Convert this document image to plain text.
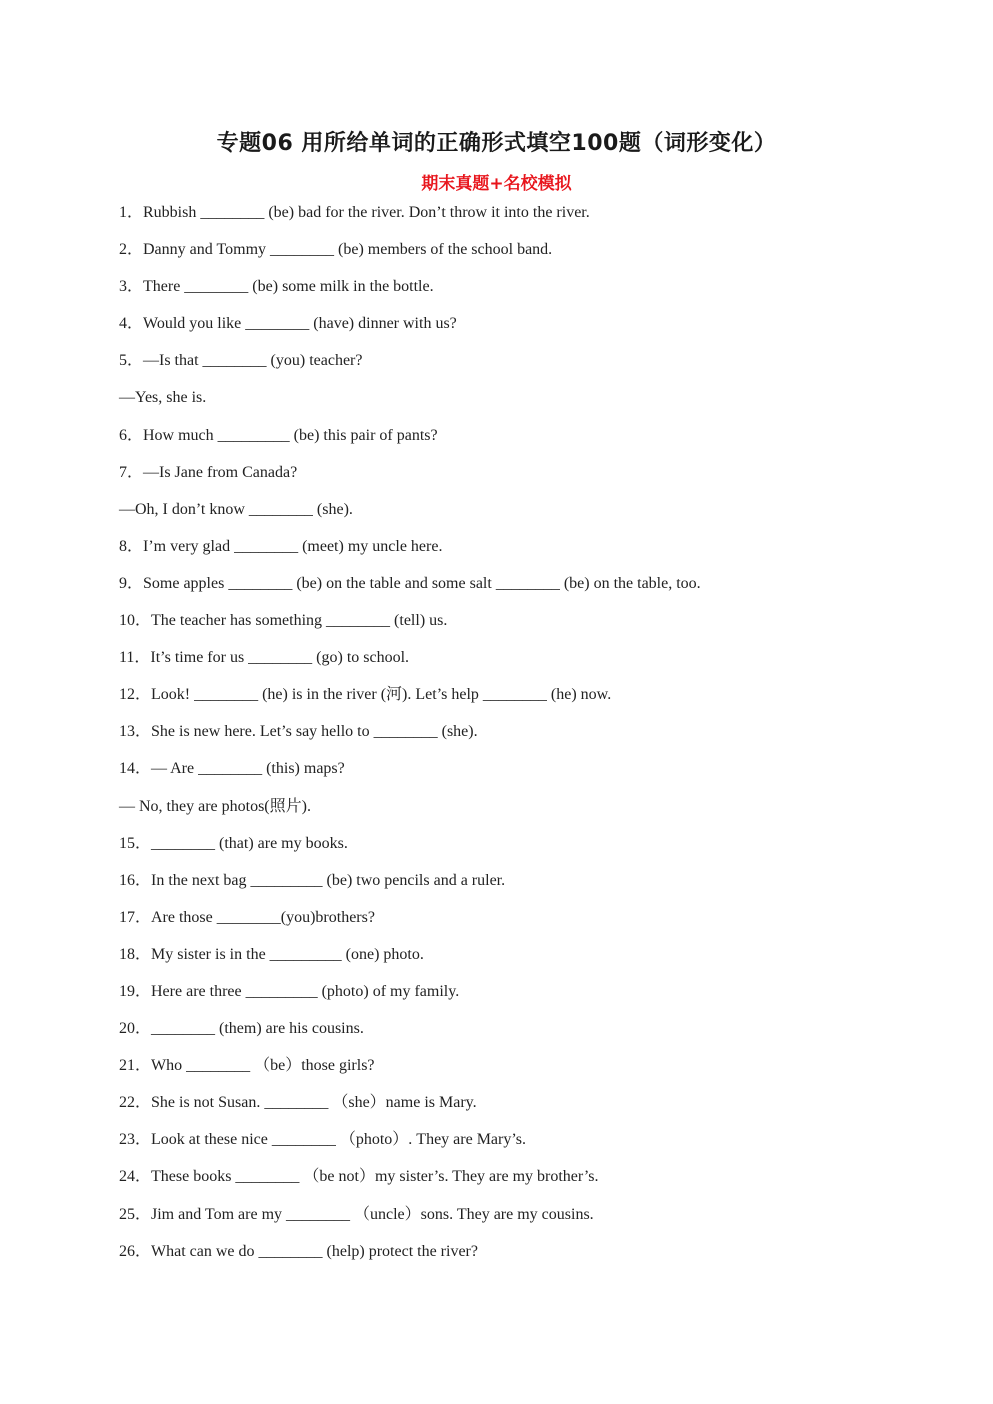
专题06 用所给单词的正确形式填空100题（词形变化）
期末真题+名校模拟
1．Rubbish ________ (be) bad for the river. Don’t throw it into the river.
2．Danny and Tommy ________ (be) members of the school band.
3．There ________ (be) some milk in the bottle.
4．Would you like ________ (have) dinner with us?
5．—Is that ________ (you) teacher?
—Yes, she is.
6．How much _________ (be) this pair of pants?
7．—Is Jane from Canada?
—Oh, I don’t know ________ (she).
8．I’m very glad ________ (meet) my uncle here.
9．Some apples ________ (be) on the table and some salt ________ (be) on the table, too.
10．The teacher has something ________ (tell) us.
11．It’s time for us ________ (go) to school.
12．Look! ________ (he) is in the river (河). Let’s help ________ (he) now.
13．She is new here. Let’s say hello to ________ (she).
14．— Are ________ (this) maps?
— No, they are photos(照片).
15．________ (that) are my books.
16．In the next bag _________ (be) two pencils and a ruler.
17．Are those ________(you)brothers?
18．My sister is in the _________ (one) photo.
19．Here are three _________ (photo) of my family.
20．________ (them) are his cousins.
21．Who ________ （be）those girls?
22．She is not Susan. ________ （she）name is Mary.
23．Look at these nice ________ （photo）. They are Mary’s.
24．These books ________ （be not）my sister’s. They are my brother’s.
25．Jim and Tom are my ________ （uncle）sons. They are my cousins.
26．What can we do ________ (help) protect the river?
